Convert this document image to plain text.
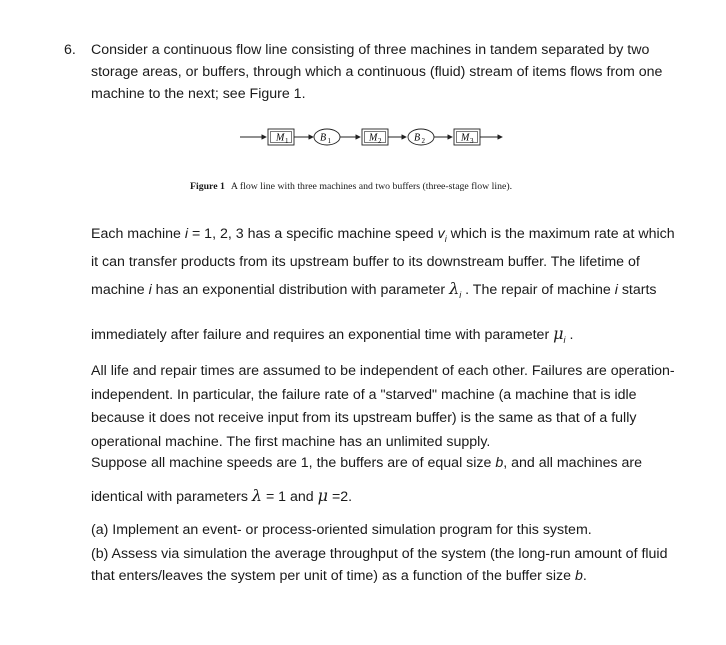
6. Consider a continuous flow line consisting of three machines in tandem separated by two storage areas, or buffers, through which a continuous (fluid) stream of items flows from one machine to the next; see Figure 1.
M 1	B 1	M 2	B 2	M 3
Figure 1 A flow line with three machines and two buffers (three-stage flow line).
Each machine i = 1, 2, 3 has a specific machine speed $v_i$ which is the maximum rate at which it can transfer products from its upstream buffer to its downstream buffer. The lifetime of
machine i has an exponential distribution with parameter $\lambda_i$ . The repair of machine i starts
immediately after failure and requires an exponential time with parameter $\mu_i$ .
All life and repair times are assumed to be independent of each other. Failures are operation-independent. In particular, the failure rate of a "starved" machine (a machine that is idle because it does not receive input from its upstream buffer) is the same as that of a fully operational machine. The first machine has an unlimited supply.
Suppose all machine speeds are 1, the buffers are of equal size b, and all machines are
identical with parameters λ = 1 and μ =2.
(a) Implement an event- or process-oriented simulation program for this system.
(b) Assess via simulation the average throughput of the system (the long-run amount of fluid that enters/leaves the system per unit of time) as a function of the buffer size b.
